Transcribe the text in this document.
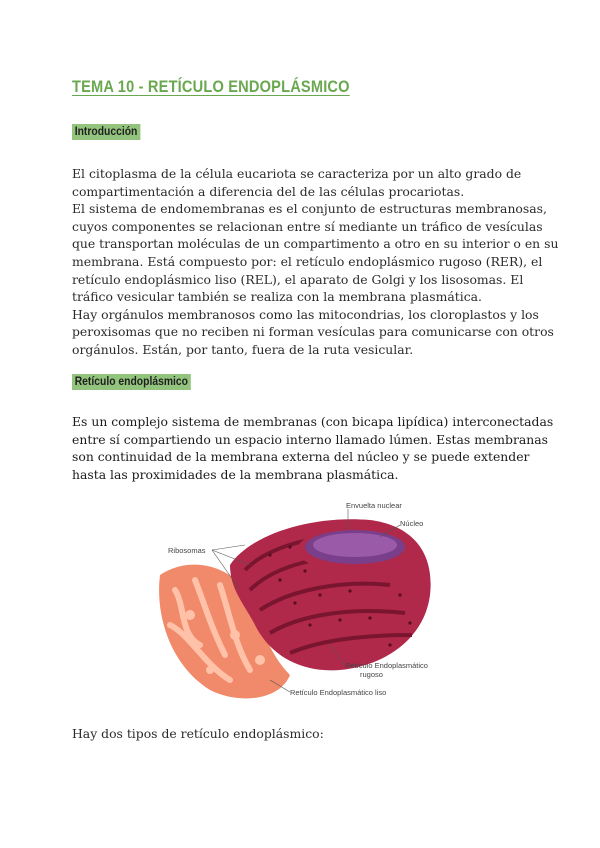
TEMA 10 - RETÍCULO ENDOPLÁSMICO
Introducción

El citoplasma de la célula eucariota se caracteriza por un alto grado de
compartimentación a diferencia del de las células procariotas.
El sistema de endomembranas es el conjunto de estructuras membranosas,
cuyos componentes se relacionan entre sí mediante un tráfico de vesículas
que transportan moléculas de un compartimento a otro en su interior o en su
membrana. Está compuesto por: el retículo endoplásmico rugoso (RER), el
retículo endoplásmico liso (REL), el aparato de Golgi y los lisosomas. El
tráfico vesicular también se realiza con la membrana plasmática.
Hay orgánulos membranosos como las mitocondrias, los cloroplastos y los
peroxisomas que no reciben ni forman vesículas para comunicarse con otros
orgánulos. Están, por tanto, fuera de la ruta vesicular.

Retículo endoplásmico

Es un complejo sistema de membranas (con bicapa lipídica) interconectadas
entre sí compartiendo un espacio interno llamado lúmen. Estas membranas
son continuidad de la membrana externa del núcleo y se puede extender
hasta las proximidades de la membrana plasmática.

Envuelta nuclear
Núcleo
Ribosomas
Retículo Endoplasmático
rugoso
Retículo Endoplasmático liso

Hay dos tipos de retículo endoplásmico:
